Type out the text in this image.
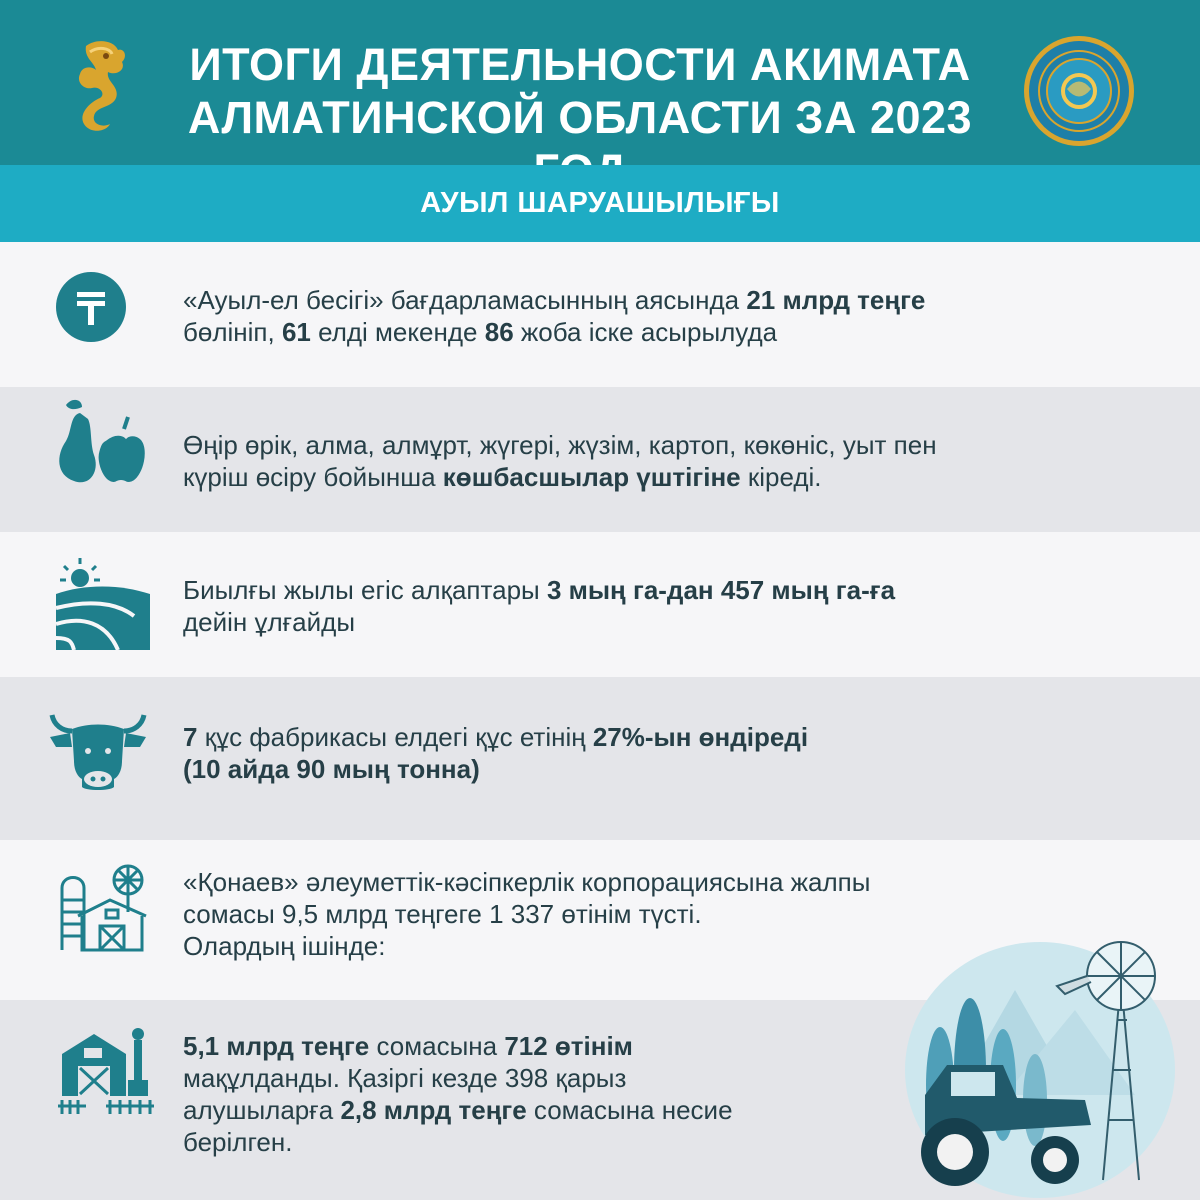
ИТОГИ ДЕЯТЕЛЬНОСТИ АКИМАТА
АЛМАТИНСКОЙ ОБЛАСТИ ЗА 2023
АУЫЛ ШАРУАШЫЛЫҒЫ
«Ауыл-ел бесігі» бағдарламасынның аясында 21 млрд теңге
бөлініп, 61 елді мекенде 86 жоба іске асырылуда
Өңір өрік, алма, алмұрт, жүгері, жүзім, картоп, көкөніс, уыт пен
күріш өсіру бойынша көшбасшылар үштігіне кіреді.
Биылғы жылы егіс алқаптары 3 мың га-дан 457 мың га-ға
дейін ұлғайды
7 құс фабрикасы елдегі құс етінің 27%-ын өндіреді
(10 айда 90 мың тонна)
«Қонаев» әлеуметтік-кәсіпкерлік корпорациясына жалпы
сомасы 9,5 млрд теңгеге 1 337 өтінім түсті.
Олардың ішінде:
5,1 млрд теңге сомасына 712 өтінім
мақұлданды. Қазіргі кезде 398 қарыз
алушыларға 2,8 млрд теңге сомасына несие
берілген.
